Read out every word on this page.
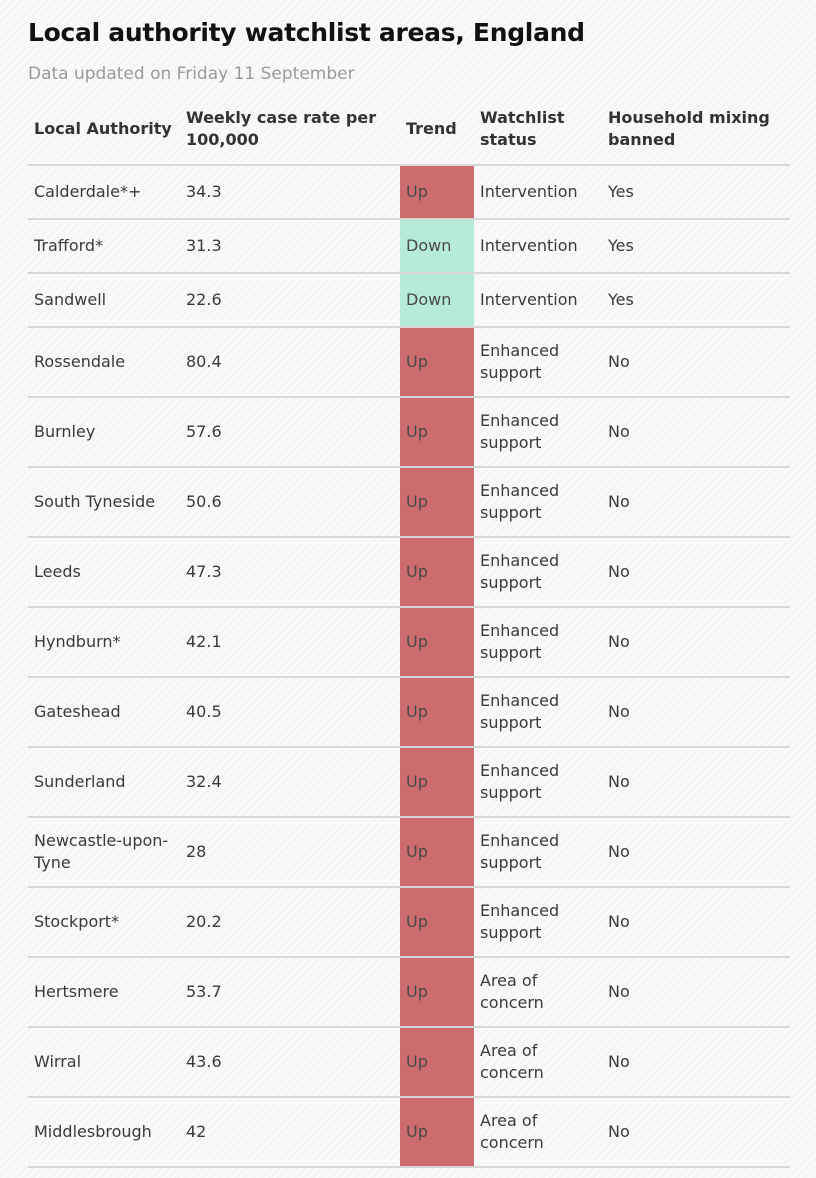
Local authority watchlist areas, England
Data updated on Friday 11 September
Local Authority	Weekly case rate per 100,000	Trend	Watchlist status	Household mixing banned
Calderdale*+	34.3	Up	Intervention	Yes
Trafford*	31.3	Down	Intervention	Yes
Sandwell	22.6	Down	Intervention	Yes
Rossendale	80.4	Up	Enhanced support	No
Burnley	57.6	Up	Enhanced support	No
South Tyneside	50.6	Up	Enhanced support	No
Leeds	47.3	Up	Enhanced support	No
Hyndburn*	42.1	Up	Enhanced support	No
Gateshead	40.5	Up	Enhanced support	No
Sunderland	32.4	Up	Enhanced support	No
Newcastle-upon-Tyne	28	Up	Enhanced support	No
Stockport*	20.2	Up	Enhanced support	No
Hertsmere	53.7	Up	Area of concern	No
Wirral	43.6	Up	Area of concern	No
Middlesbrough	42	Up	Area of concern	No
